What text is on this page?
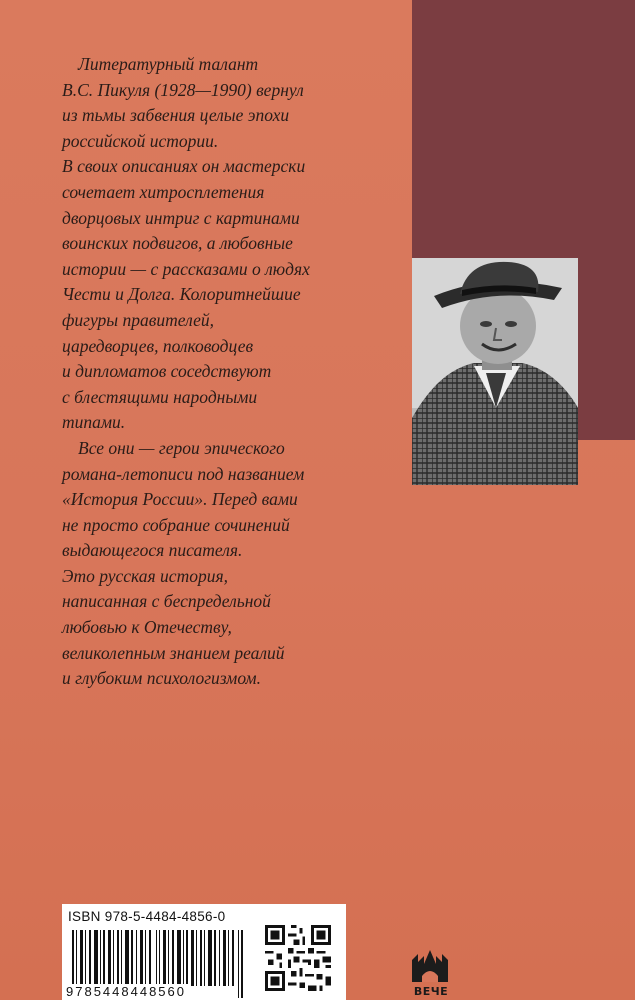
Литературный талант
В.С. Пикуля (1928—1990) вернул
из тьмы забвения целые эпохи
российской истории.
В своих описаниях он мастерски
сочетает хитросплетения
дворцовых интриг с картинами
воинских подвигов, а любовные
истории — с рассказами о людях
Чести и Долга. Колоритнейшие
фигуры правителей,
царедворцев, полководцев
и дипломатов соседствуют
с блестящими народными
типами.

Все они — герои эпического
романа-летописи под названием
«История России». Перед вами
не просто собрание сочинений
выдающегося писателя.
Это русская история,
написанная с беспредельной
любовью к Отечеству,
великолепным знанием реалий
и глубоким психологизмом.

ISBN 978-5-4484-4856-0
9785448448560	ВЕЧЕ
